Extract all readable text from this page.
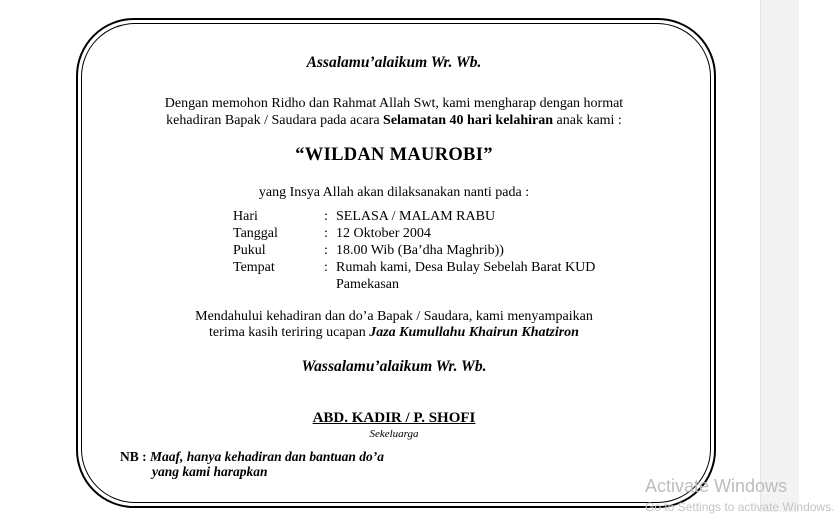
Assalamu’alaikum Wr. Wb.
Dengan memohon Ridho dan Rahmat Allah Swt, kami mengharap dengan hormat
kehadiran Bapak / Saudara pada acara Selamatan 40 hari kelahiran anak kami :
“WILDAN MAUROBI”
yang Insya Allah akan dilaksanakan nanti pada :
Hari	: SELASA / MALAM RABU
Tanggal	: 12 Oktober 2004
Pukul	: 18.00 Wib (Ba’dha Maghrib))
Tempat	: Rumah kami, Desa Bulay Sebelah Barat KUD
Pamekasan
Mendahului kehadiran dan do’a Bapak / Saudara, kami menyampaikan
terima kasih teriring ucapan Jaza Kumullahu Khairun Khatziron
Wassalamu’alaikum Wr. Wb.
ABD. KADIR / P. SHOFI
Sekeluarga
NB : Maaf, hanya kehadiran dan bantuan do’a
yang kami harapkan
Activate Windows
Go to Settings to activate Windows.
